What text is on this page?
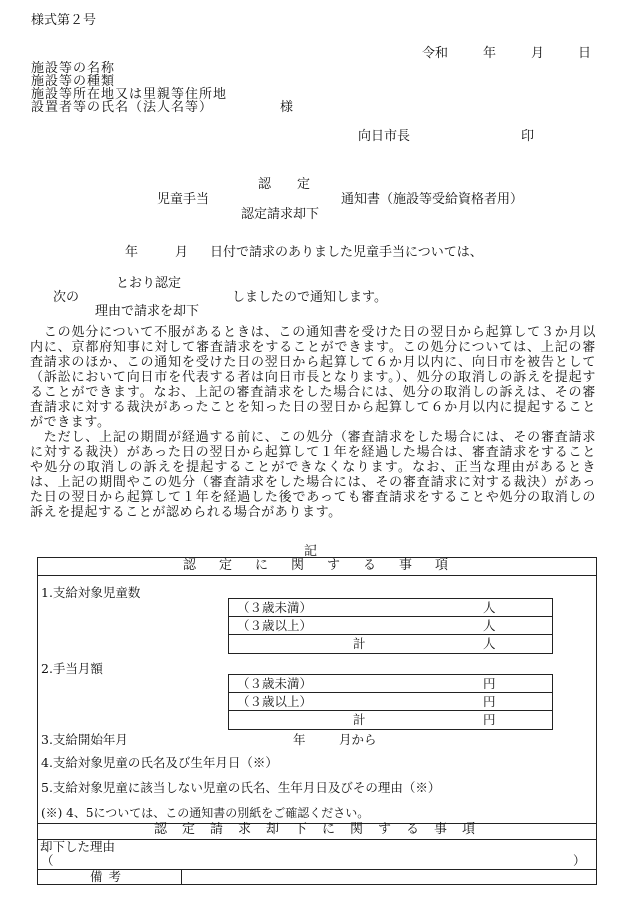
様式第２号
令和	年	月	日
施設等の名称
施設等の種類
施設等所在地又は里親等住所地
設置者等の氏名（法人名等）	様
向日市長	印
認　　定
児童手当	通知書（施設等受給資格者用）
認定請求却下
年	月 日付で請求のありました児童手当については、
とおり認定
次の	しましたので通知します。
理由で請求を却下
　この処分について不服があるときは、この通知書を受けた日の翌日から起算して３か月以内に、京都府知事に対して審査請求をすることができます。この処分については、上記の審査請求のほか、この通知を受けた日の翌日から起算して６か月以内に、向日市を被告として（訴訟において向日市を代表する者は向日市長となります。）、処分の取消しの訴えを提起することができます。なお、上記の審査請求をした場合には、処分の取消しの訴えは、その審査請求に対する裁決があったことを知った日の翌日から起算して６か月以内に提起することができます。
　ただし、上記の期間が経過する前に、この処分（審査請求をした場合には、その審査請求に対する裁決）があった日の翌日から起算して１年を経過した場合は、審査請求をすることや処分の取消しの訴えを提起することができなくなります。なお、正当な理由があるときは、上記の期間やこの処分（審査請求をした場合には、その審査請求に対する裁決）があった日の翌日から起算して１年を経過した後であっても審査請求をすることや処分の取消しの訴えを提起することが認められる場合があります。
記
認定に関する事項
1.支給対象児童数
（３歳未満）	人
（３歳以上）	人
計	人
2.手当月額
（３歳未満）	円
（３歳以上）	円
計	円
3.支給開始年月	年	月から
4.支給対象児童の氏名及び生年月日（※）
5.支給対象児童に該当しない児童の氏名、生年月日及びその理由（※）
(※) 4、5については、この通知書の別紙をご確認ください。
認定請求却下に関する事項
却下した理由
（	）
備考
